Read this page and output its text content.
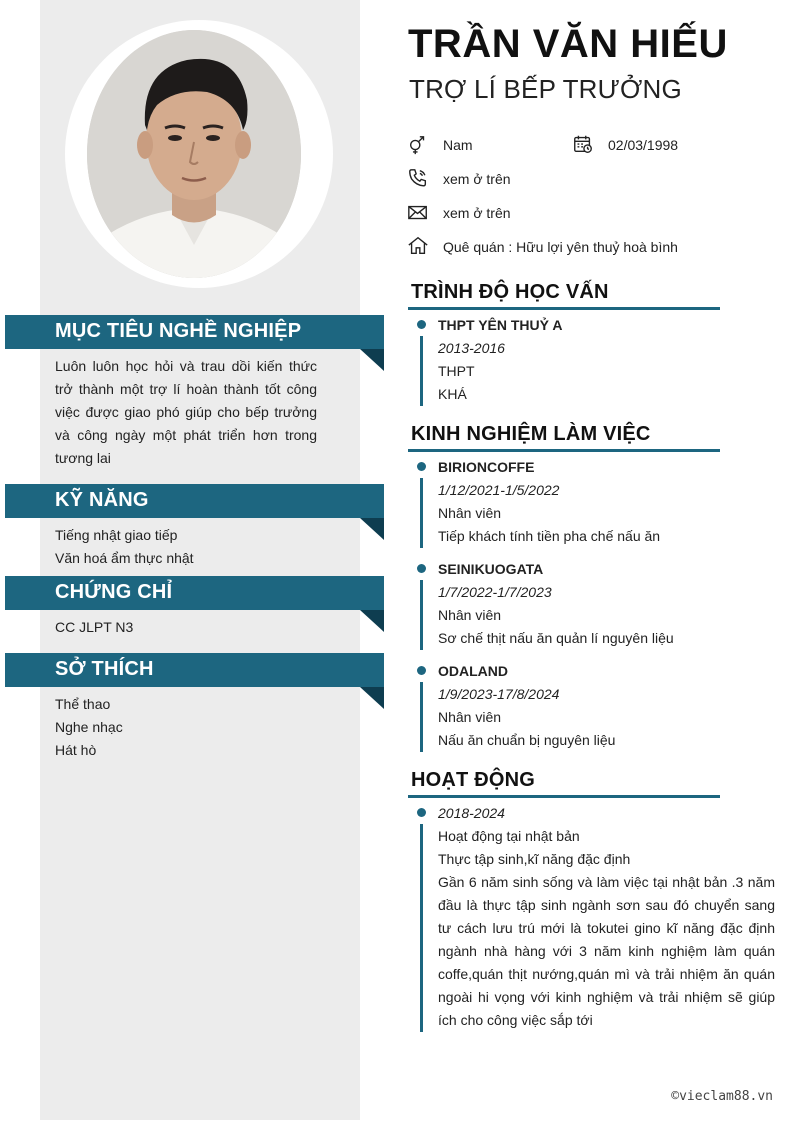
MỤC TIÊU NGHỀ NGHIỆP
Luôn luôn học hỏi và trau dồi kiến thức trở thành một trợ lí hoàn thành tốt công việc được giao phó giúp cho bếp trưởng và công ngày một phát triển hơn trong tương lai
KỸ NĂNG
Tiếng nhật giao tiếp
Văn hoá ẩm thực nhật
CHỨNG CHỈ
CC JLPT N3
SỞ THÍCH
Thể thao
Nghe nhạc
Hát hò
TRẦN VĂN HIẾU
TRỢ LÍ BẾP TRƯỞNG
Nam	02/03/1998
xem ở trên
xem ở trên
Quê quán : Hữu lợi yên thuỷ hoà bình
TRÌNH ĐỘ HỌC VẤN
THPT YÊN THUỶ A
2013-2016
THPT
KHÁ
KINH NGHIỆM LÀM VIỆC
BIRIONCOFFE
1/12/2021-1/5/2022
Nhân viên
Tiếp khách tính tiền pha chế nấu ăn
SEINIKUOGATA
1/7/2022-1/7/2023
Nhân viên
Sơ chế thịt nấu ăn quản lí nguyên liệu
ODALAND
1/9/2023-17/8/2024
Nhân viên
Nấu ăn chuẩn bị nguyên liệu
HOẠT ĐỘNG
2018-2024
Hoạt động tại nhật bản
Thực tập sinh,kĩ năng đặc định
Gần 6 năm sinh sống và làm việc tại nhật bản .3 năm đầu là thực tập sinh ngành sơn sau đó chuyển sang tư cách lưu trú mới là tokutei gino kĩ năng đặc định ngành nhà hàng với 3 năm kinh nghiệm làm quán coffe,quán thịt nướng,quán mì và trải nhiệm ăn quán ngoài hi vọng với kinh nghiệm và trải nhiệm sẽ giúp ích cho công việc sắp tới
©vieclam88.vn
